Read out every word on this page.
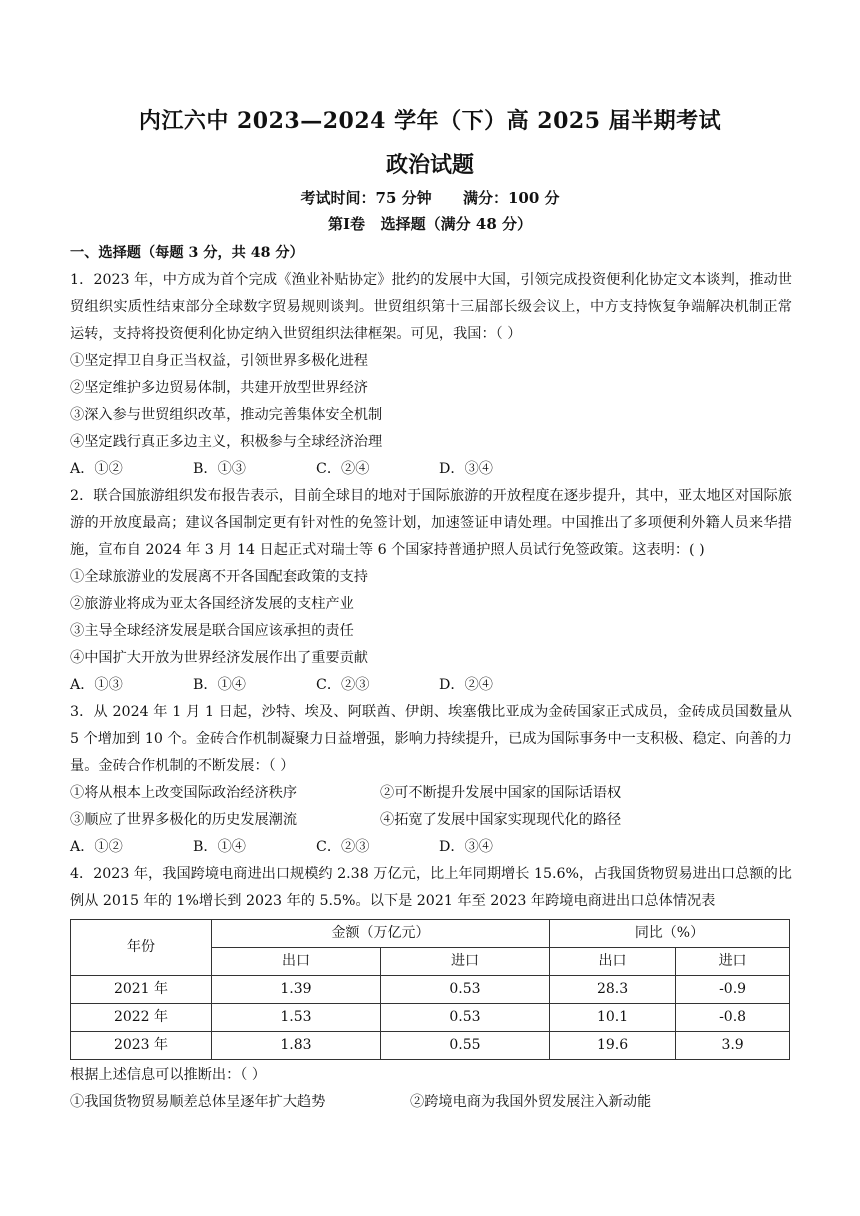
内江六中 2023—2024 学年（下）高 2025 届半期考试
政治试题
考试时间：75 分钟      满分：100 分
第Ⅰ卷   选择题（满分 48 分）
一、选择题（每题 3 分，共 48 分）
1．2023 年，中方成为首个完成《渔业补贴协定》批约的发展中大国，引领完成投资便利化协定文本谈判，推动世贸组织实质性结束部分全球数字贸易规则谈判。世贸组织第十三届部长级会议上，中方支持恢复争端解决机制正常运转，支持将投资便利化协定纳入世贸组织法律框架。可见，我国：（ ）
①坚定捍卫自身正当权益，引领世界多极化进程
②坚定维护多边贸易体制，共建开放型世界经济
③深入参与世贸组织改革，推动完善集体安全机制
④坚定践行真正多边主义，积极参与全球经济治理
A．①②	B．①③	C．②④	D．③④
2．联合国旅游组织发布报告表示，目前全球目的地对于国际旅游的开放程度在逐步提升，其中，亚太地区对国际旅游的开放度最高；建议各国制定更有针对性的免签计划，加速签证申请处理。中国推出了多项便利外籍人员来华措施，宣布自 2024 年 3 月 14 日起正式对瑞士等 6 个国家持普通护照人员试行免签政策。这表明：( )
①全球旅游业的发展离不开各国配套政策的支持
②旅游业将成为亚太各国经济发展的支柱产业
③主导全球经济发展是联合国应该承担的责任
④中国扩大开放为世界经济发展作出了重要贡献
A．①③	B．①④	C．②③	D．②④
3．从 2024 年 1 月 1 日起，沙特、埃及、阿联酋、伊朗、埃塞俄比亚成为金砖国家正式成员，金砖成员国数量从 5 个增加到 10 个。金砖合作机制凝聚力日益增强，影响力持续提升，已成为国际事务中一支积极、稳定、向善的力量。金砖合作机制的不断发展：（ ）
①将从根本上改变国际政治经济秩序	②可不断提升发展中国家的国际话语权
③顺应了世界多极化的历史发展潮流	④拓宽了发展中国家实现现代化的路径
A．①②	B．①④	C．②③	D．③④
4．2023 年，我国跨境电商进出口规模约 2.38 万亿元，比上年同期增长 15.6%，占我国货物贸易进出口总额的比例从 2015 年的 1%增长到 2023 年的 5.5%。以下是 2021 年至 2023 年跨境电商进出口总体情况表
年份	金额（万亿元）		同比（%）	
	出口	进口	出口	进口
2021 年	1.39	0.53	28.3	-0.9
2022 年	1.53	0.53	10.1	-0.8
2023 年	1.83	0.55	19.6	3.9
根据上述信息可以推断出：（ ）
①我国货物贸易顺差总体呈逐年扩大趋势	②跨境电商为我国外贸发展注入新动能
